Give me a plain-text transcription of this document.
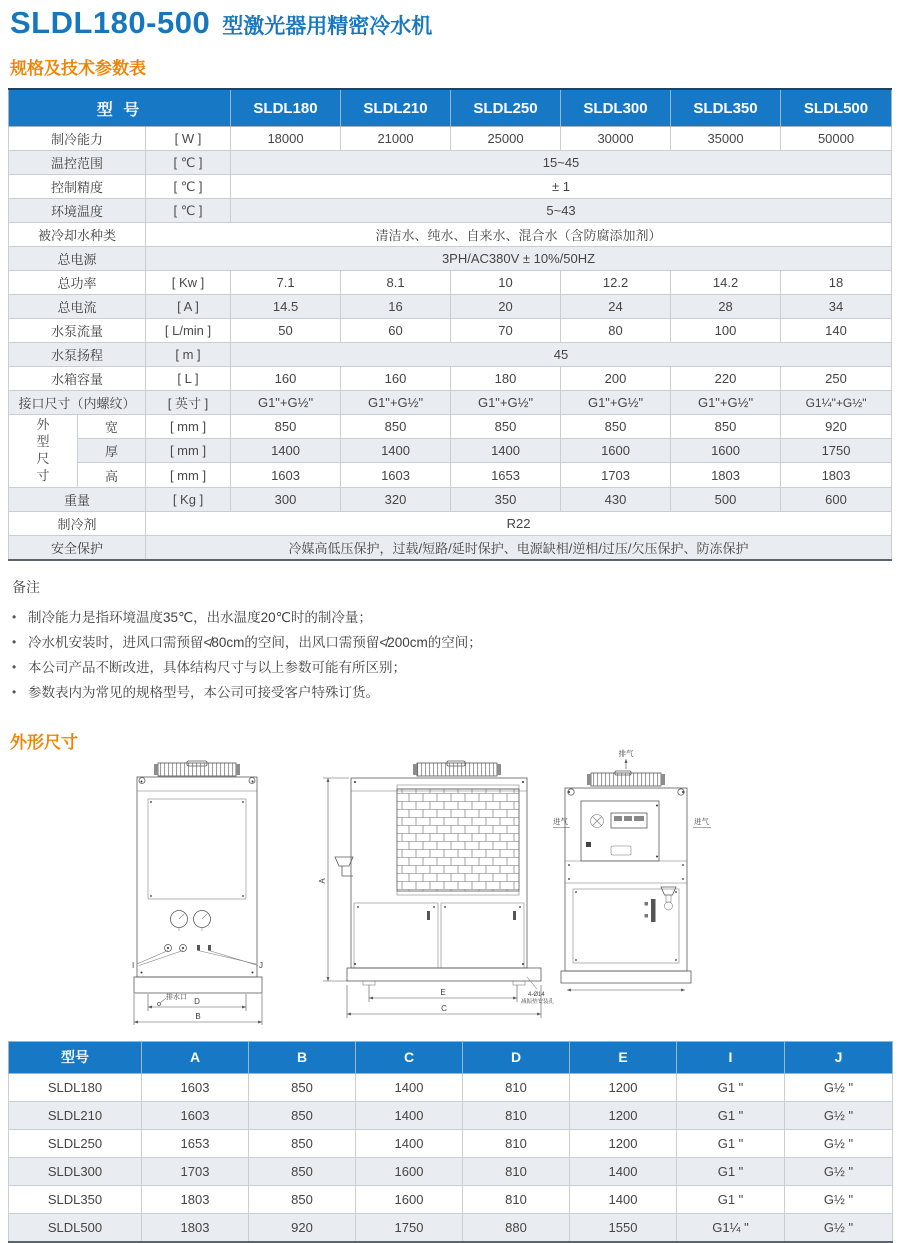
SLDL180-500 型激光器用精密冷水机
规格及技术参数表
型 号			SLDL180	SLDL210	SLDL250	SLDL300	SLDL350	SLDL500
制冷能力		[ W ]	18000	21000	25000	30000	35000	50000
温控范围		[ ℃ ]	15~45					
控制精度		[ ℃ ]	± 1					
环境温度		[ ℃ ]	5~43					
被冷却水种类		清洁水、纯水、自来水、混合水（含防腐添加剂）						
总电源		3PH/AC380V ± 10%/50HZ						
总功率		[ Kw ]	7.1	8.1	10	12.2	14.2	18
总电流		[ A ]	14.5	16	20	24	28	34
水泵流量		[ L/min ]	50	60	70	80	100	140
水泵扬程		[ m ]	45					
水箱容量		[ L ]	160	160	180	200	220	250
接口尺寸（内螺纹）		[ 英寸 ]	G1"+G½"	G1"+G½"	G1"+G½"	G1"+G½"	G1"+G½"	G1¼"+G½"
外型尺寸	宽	[ mm ]	850	850	850	850	850	920
	厚	[ mm ]	1400	1400	1400	1600	1600	1750
	高	[ mm ]	1603	1603	1653	1703	1803	1803
重量		[ Kg ]	300	320	350	430	500	600
制冷剂		R22						
安全保护		冷媒高低压保护，过载/短路/延时保护、电源缺相/逆相/过压/欠压保护、防冻保护						
备注
• 制冷能力是指环境温度35℃，出水温度20℃时的制冷量；
• 冷水机安装时，进风口需预留≮80cm的空间，出风口需预留≮200cm的空间；
• 本公司产品不断改进，具体结构尺寸与以上参数可能有所区别；
• 参数表内为常见的规格型号，本公司可接受客户特殊订货。
外形尺寸
I	J
排水口 D
B
A
E
C
4-Ø14
减振垫安装孔
排气
进气	进气
型号	A	B	C	D	E	I	J
SLDL180	1603	850	1400	810	1200	G1 "	G½ "
SLDL210	1603	850	1400	810	1200	G1 "	G½ "
SLDL250	1653	850	1400	810	1200	G1 "	G½ "
SLDL300	1703	850	1600	810	1400	G1 "	G½ "
SLDL350	1803	850	1600	810	1400	G1 "	G½ "
SLDL500	1803	920	1750	880	1550	G1¼ "	G½ "
